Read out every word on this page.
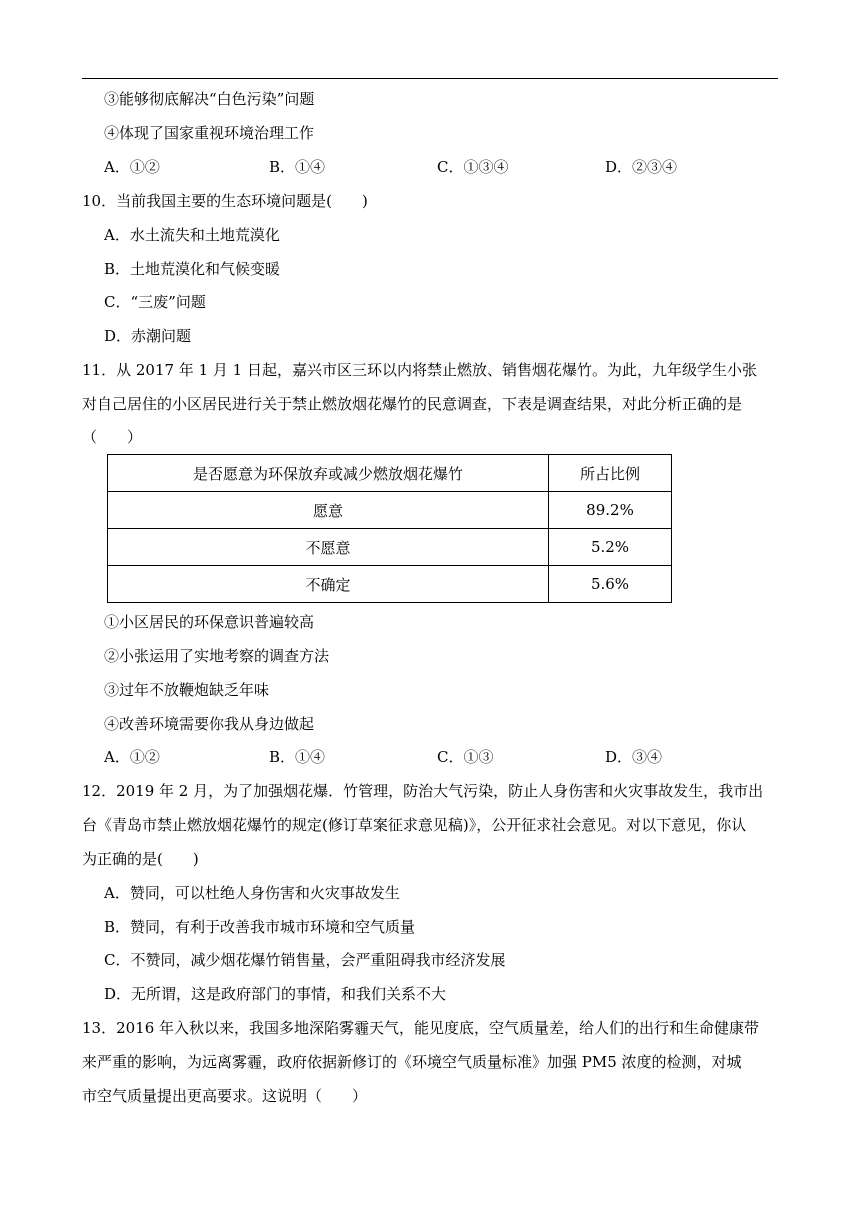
③能够彻底解决“白色污染”问题
④体现了国家重视环境治理工作
A．①②	B．①④	C．①③④	D．②③④
10．当前我国主要的生态环境问题是(　　)
A．水土流失和土地荒漠化
B．土地荒漠化和气候变暖
C．“三废”问题
D．赤潮问题
11．从 2017 年 1 月 1 日起，嘉兴市区三环以内将禁止燃放、销售烟花爆竹。为此，九年级学生小张
对自己居住的小区居民进行关于禁止燃放烟花爆竹的民意调查，下表是调查结果，对此分析正确的是
（　　）
是否愿意为环保放弃或减少燃放烟花爆竹	所占比例
愿意	89.2%
不愿意	5.2%
不确定	5.6%
①小区居民的环保意识普遍较高
②小张运用了实地考察的调查方法
③过年不放鞭炮缺乏年味
④改善环境需要你我从身边做起
A．①②	B．①④	C．①③	D．③④
12．2019 年 2 月，为了加强烟花爆．竹管理，防治大气污染，防止人身伤害和火灾事故发生，我市出
台《青岛市禁止燃放烟花爆竹的规定(修订草案征求意见稿)》，公开征求社会意见。对以下意见，你认
为正确的是(　　)
A．赞同，可以杜绝人身伤害和火灾事故发生
B．赞同，有利于改善我市城市环境和空气质量
C．不赞同，减少烟花爆竹销售量，会严重阻碍我市经济发展
D．无所谓，这是政府部门的事情，和我们关系不大
13．2016 年入秋以来，我国多地深陷雾霾天气，能见度底，空气质量差，给人们的出行和生命健康带
来严重的影响，为远离雾霾，政府依据新修订的《环境空气质量标准》加强 PM5 浓度的检测，对城
市空气质量提出更高要求。这说明（　　）
